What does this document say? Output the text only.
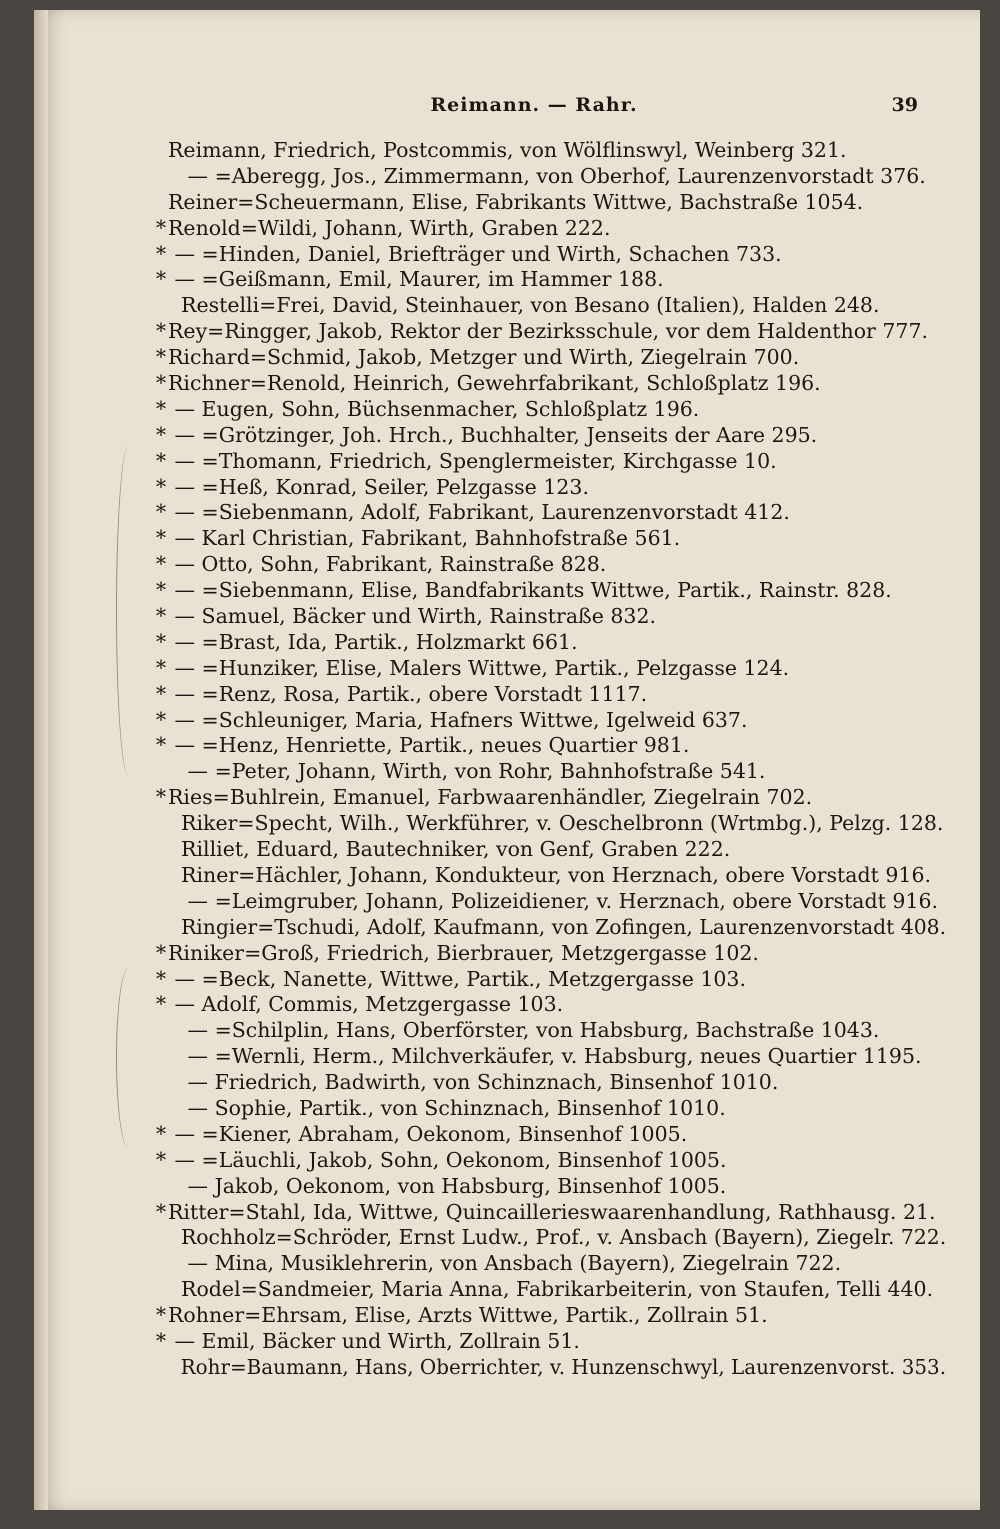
Reimann. — Rahr.	39
Reimann, Friedrich, Postcommis, von Wölflinswyl, Weinberg 321.
— =Aberegg, Jos., Zimmermann, von Oberhof, Laurenzenvorstadt 376.
Reiner=Scheuermann, Elise, Fabrikants Wittwe, Bachstraße 1054.
* Renold=Wildi, Johann, Wirth, Graben 222.
* — =Hinden, Daniel, Briefträger und Wirth, Schachen 733.
* — =Geißmann, Emil, Maurer, im Hammer 188.
Restelli=Frei, David, Steinhauer, von Besano (Italien), Halden 248.
* Rey=Ringger, Jakob, Rektor der Bezirksschule, vor dem Haldenthor 777.
* Richard=Schmid, Jakob, Metzger und Wirth, Ziegelrain 700.
* Richner=Renold, Heinrich, Gewehrfabrikant, Schloßplatz 196.
* — Eugen, Sohn, Büchsenmacher, Schloßplatz 196.
* — =Grötzinger, Joh. Hrch., Buchhalter, Jenseits der Aare 295.
* — =Thomann, Friedrich, Spenglermeister, Kirchgasse 10.
* — =Heß, Konrad, Seiler, Pelzgasse 123.
* — =Siebenmann, Adolf, Fabrikant, Laurenzenvorstadt 412.
* — Karl Christian, Fabrikant, Bahnhofstraße 561.
* — Otto, Sohn, Fabrikant, Rainstraße 828.
* — =Siebenmann, Elise, Bandfabrikants Wittwe, Partik., Rainstr. 828.
* — Samuel, Bäcker und Wirth, Rainstraße 832.
* — =Brast, Ida, Partik., Holzmarkt 661.
* — =Hunziker, Elise, Malers Wittwe, Partik., Pelzgasse 124.
* — =Renz, Rosa, Partik., obere Vorstadt 1117.
* — =Schleuniger, Maria, Hafners Wittwe, Igelweid 637.
* — =Henz, Henriette, Partik., neues Quartier 981.
— =Peter, Johann, Wirth, von Rohr, Bahnhofstraße 541.
* Ries=Buhlrein, Emanuel, Farbwaarenhändler, Ziegelrain 702.
Riker=Specht, Wilh., Werkführer, v. Oeschelbronn (Wrtmbg.), Pelzg. 128.
Rilliet, Eduard, Bautechniker, von Genf, Graben 222.
Riner=Hächler, Johann, Kondukteur, von Herznach, obere Vorstadt 916.
— =Leimgruber, Johann, Polizeidiener, v. Herznach, obere Vorstadt 916.
Ringier=Tschudi, Adolf, Kaufmann, von Zofingen, Laurenzenvorstadt 408.
* Riniker=Groß, Friedrich, Bierbrauer, Metzgergasse 102.
* — =Beck, Nanette, Wittwe, Partik., Metzgergasse 103.
* — Adolf, Commis, Metzgergasse 103.
— =Schilplin, Hans, Oberförster, von Habsburg, Bachstraße 1043.
— =Wernli, Herm., Milchverkäufer, v. Habsburg, neues Quartier 1195.
— Friedrich, Badwirth, von Schinznach, Binsenhof 1010.
— Sophie, Partik., von Schinznach, Binsenhof 1010.
* — =Kiener, Abraham, Oekonom, Binsenhof 1005.
* — =Läuchli, Jakob, Sohn, Oekonom, Binsenhof 1005.
— Jakob, Oekonom, von Habsburg, Binsenhof 1005.
* Ritter=Stahl, Ida, Wittwe, Quincaillerieswaarenhandlung, Rathhausg. 21.
Rochholz=Schröder, Ernst Ludw., Prof., v. Ansbach (Bayern), Ziegelr. 722.
— Mina, Musiklehrerin, von Ansbach (Bayern), Ziegelrain 722.
Rodel=Sandmeier, Maria Anna, Fabrikarbeiterin, von Staufen, Telli 440.
* Rohner=Ehrsam, Elise, Arzts Wittwe, Partik., Zollrain 51.
* — Emil, Bäcker und Wirth, Zollrain 51.
Rohr=Baumann, Hans, Oberrichter, v. Hunzenschwyl, Laurenzenvorst. 353.
